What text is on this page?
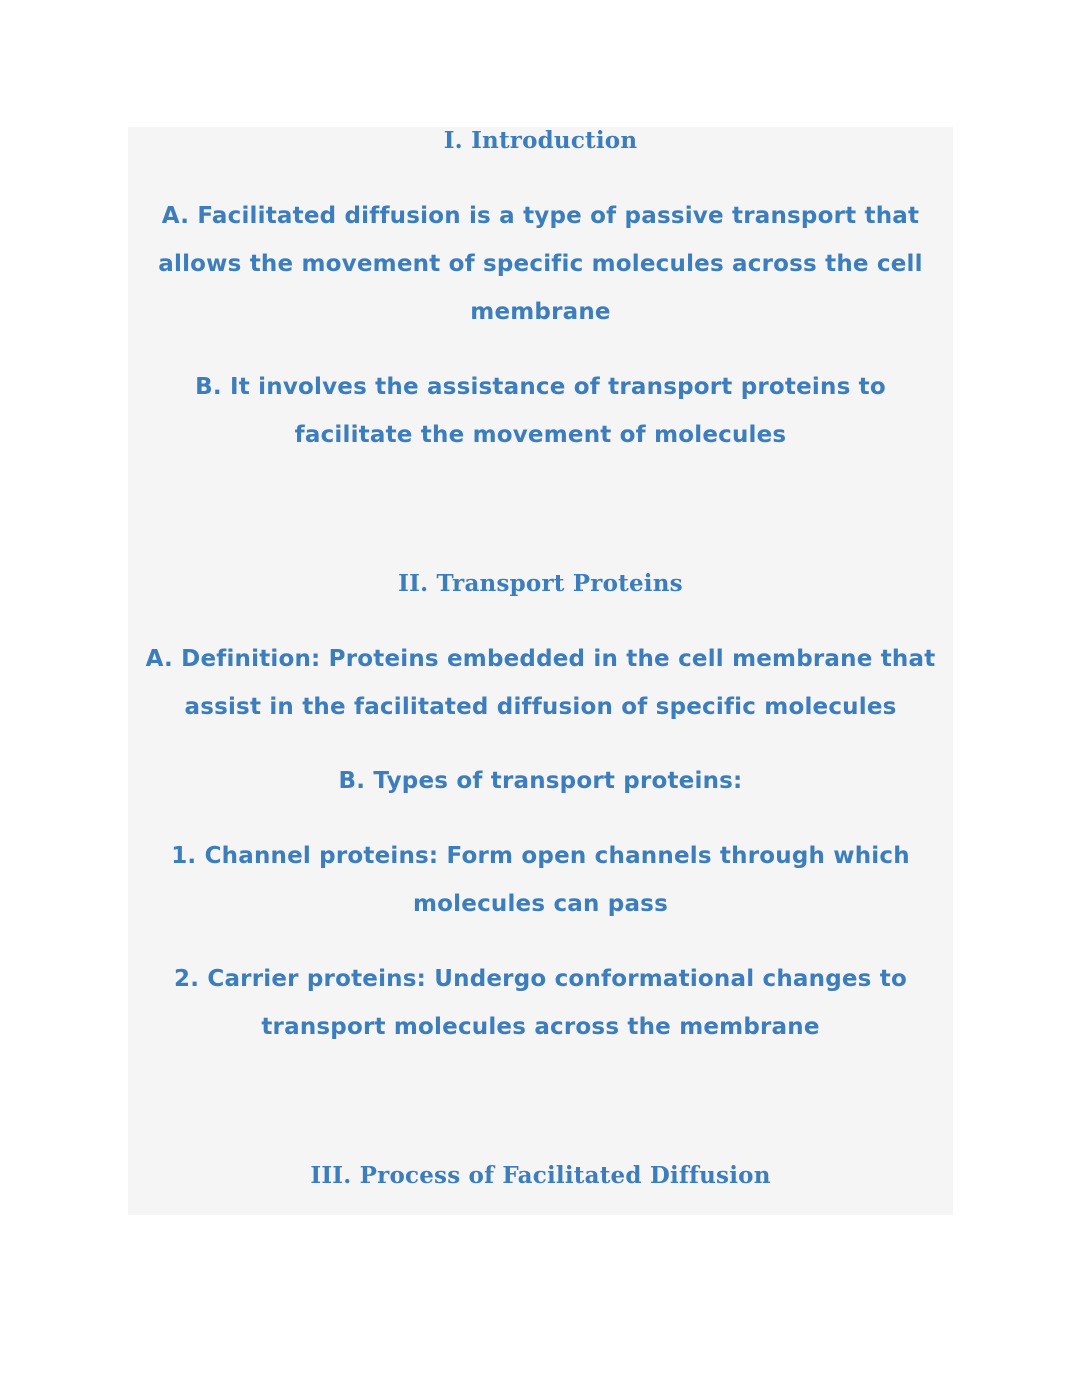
I. Introduction
A. Facilitated diffusion is a type of passive transport that
allows the movement of specific molecules across the cell
membrane
B. It involves the assistance of transport proteins to
facilitate the movement of molecules
II. Transport Proteins
A. Definition: Proteins embedded in the cell membrane that
assist in the facilitated diffusion of specific molecules
B. Types of transport proteins:
1. Channel proteins: Form open channels through which
molecules can pass
2. Carrier proteins: Undergo conformational changes to
transport molecules across the membrane
III. Process of Facilitated Diffusion
